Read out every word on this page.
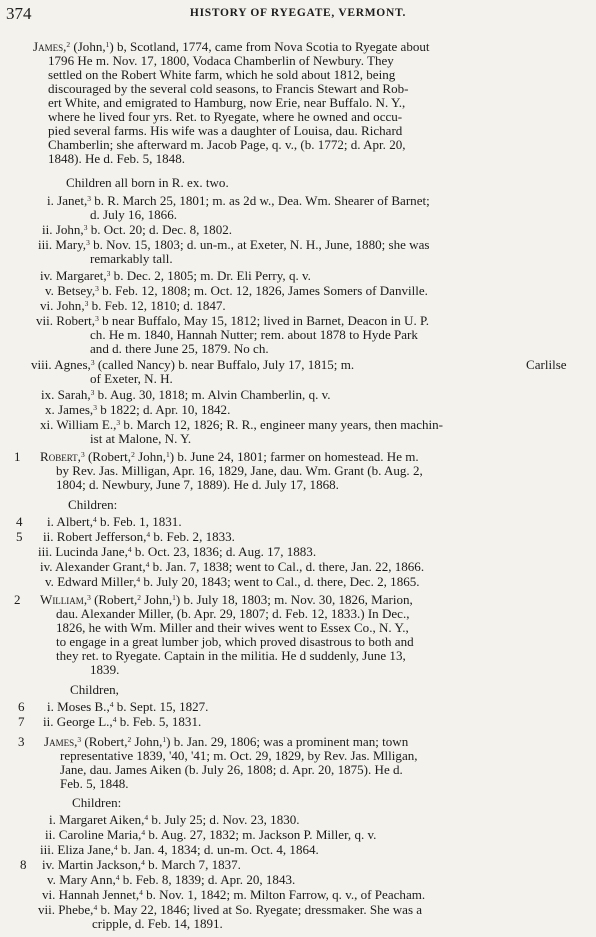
374	HISTORY OF RYEGATE, VERMONT.
James,$^2$ (John,$^1$) b, Scotland, 1774, came from Nova Scotia to Ryegate about
1796 He m. Nov. 17, 1800, Vodaca Chamberlin of Newbury. They
settled on the Robert White farm, which he sold about 1812, being
discouraged by the several cold seasons, to Francis Stewart and Rob-
ert White, and emigrated to Hamburg, now Erie, near Buffalo. N. Y.,
where he lived four yrs. Ret. to Ryegate, where he owned and occu-
pied several farms. His wife was a daughter of Louisa, dau. Richard
Chamberlin; she afterward m. Jacob Page, q. v., (b. 1772; d. Apr. 20,
1848). He d. Feb. 5, 1848.
Children all born in R. ex. two.
i. Janet,$^3$ b. R. March 25, 1801; m. as 2d w., Dea. Wm. Shearer of Barnet;
d. July 16, 1866.
ii. John,$^3$ b. Oct. 20; d. Dec. 8, 1802.
iii. Mary,$^3$ b. Nov. 15, 1803; d. un-m., at Exeter, N. H., June, 1880; she was
remarkably tall.
iv. Margaret,$^3$ b. Dec. 2, 1805; m. Dr. Eli Perry, q. v.
v. Betsey,$^3$ b. Feb. 12, 1808; m. Oct. 12, 1826, James Somers of Danville.
vi. John,$^3$ b. Feb. 12, 1810; d. 1847.
vii. Robert,$^3$ b near Buffalo, May 15, 1812; lived in Barnet, Deacon in U. P.
ch. He m. 1840, Hannah Nutter; rem. about 1878 to Hyde Park
and d. there June 25, 1879. No ch.
viii. Agnes,$^3$ (called Nancy) b. near Buffalo, July 17, 1815; m.	Carlilse
of Exeter, N. H.
ix. Sarah,$^3$ b. Aug. 30, 1818; m. Alvin Chamberlin, q. v.
x. James,$^3$ b 1822; d. Apr. 10, 1842.
xi. William E.,$^3$ b. March 12, 1826; R. R., engineer many years, then machin-
ist at Malone, N. Y.
Robert,$^3$ (Robert,$^2$ John,$^1$) b. June 24, 1801; farmer on homestead. He m.
by Rev. Jas. Milligan, Apr. 16, 1829, Jane, dau. Wm. Grant (b. Aug. 2,
1804; d. Newbury, June 7, 1889). He d. July 17, 1868.
Children:
i. Albert,$^4$ b. Feb. 1, 1831.
ii. Robert Jefferson,$^4$ b. Feb. 2, 1833.
iii. Lucinda Jane,$^4$ b. Oct. 23, 1836; d. Aug. 17, 1883.
iv. Alexander Grant,$^4$ b. Jan. 7, 1838; went to Cal., d. there, Jan. 22, 1866.
v. Edward Miller,$^4$ b. July 20, 1843; went to Cal., d. there, Dec. 2, 1865.
William,$^3$ (Robert,$^2$ John,$^1$) b. July 18, 1803; m. Nov. 30, 1826, Marion,
dau. Alexander Miller, (b. Apr. 29, 1807; d. Feb. 12, 1833.) In Dec.,
1826, he with Wm. Miller and their wives went to Essex Co., N. Y.,
to engage in a great lumber job, which proved disastrous to both and
they ret. to Ryegate. Captain in the militia. He d suddenly, June 13,
1839.
Children,
i. Moses B.,$^4$ b. Sept. 15, 1827.
ii. George L.,$^4$ b. Feb. 5, 1831.
James,$^3$ (Robert,$^2$ John,$^1$) b. Jan. 29, 1806; was a prominent man; town
representative 1839, '40, '41; m. Oct. 29, 1829, by Rev. Jas. Mlligan,
Jane, dau. James Aiken (b. July 26, 1808; d. Apr. 20, 1875). He d.
Feb. 5, 1848.
Children:
i. Margaret Aiken,$^4$ b. July 25; d. Nov. 23, 1830.
ii. Caroline Maria,$^4$ b. Aug. 27, 1832; m. Jackson P. Miller, q. v.
iii. Eliza Jane,$^4$ b. Jan. 4, 1834; d. un-m. Oct. 4, 1864.
iv. Martin Jackson,$^4$ b. March 7, 1837.
v. Mary Ann,$^4$ b. Feb. 8, 1839; d. Apr. 20, 1843.
vi. Hannah Jennet,$^4$ b. Nov. 1, 1842; m. Milton Farrow, q. v., of Peacham.
vii. Phebe,$^4$ b. May 22, 1846; lived at So. Ryegate; dressmaker. She was a
cripple, d. Feb. 14, 1891.
1
4
5
2
6
7
3
8
